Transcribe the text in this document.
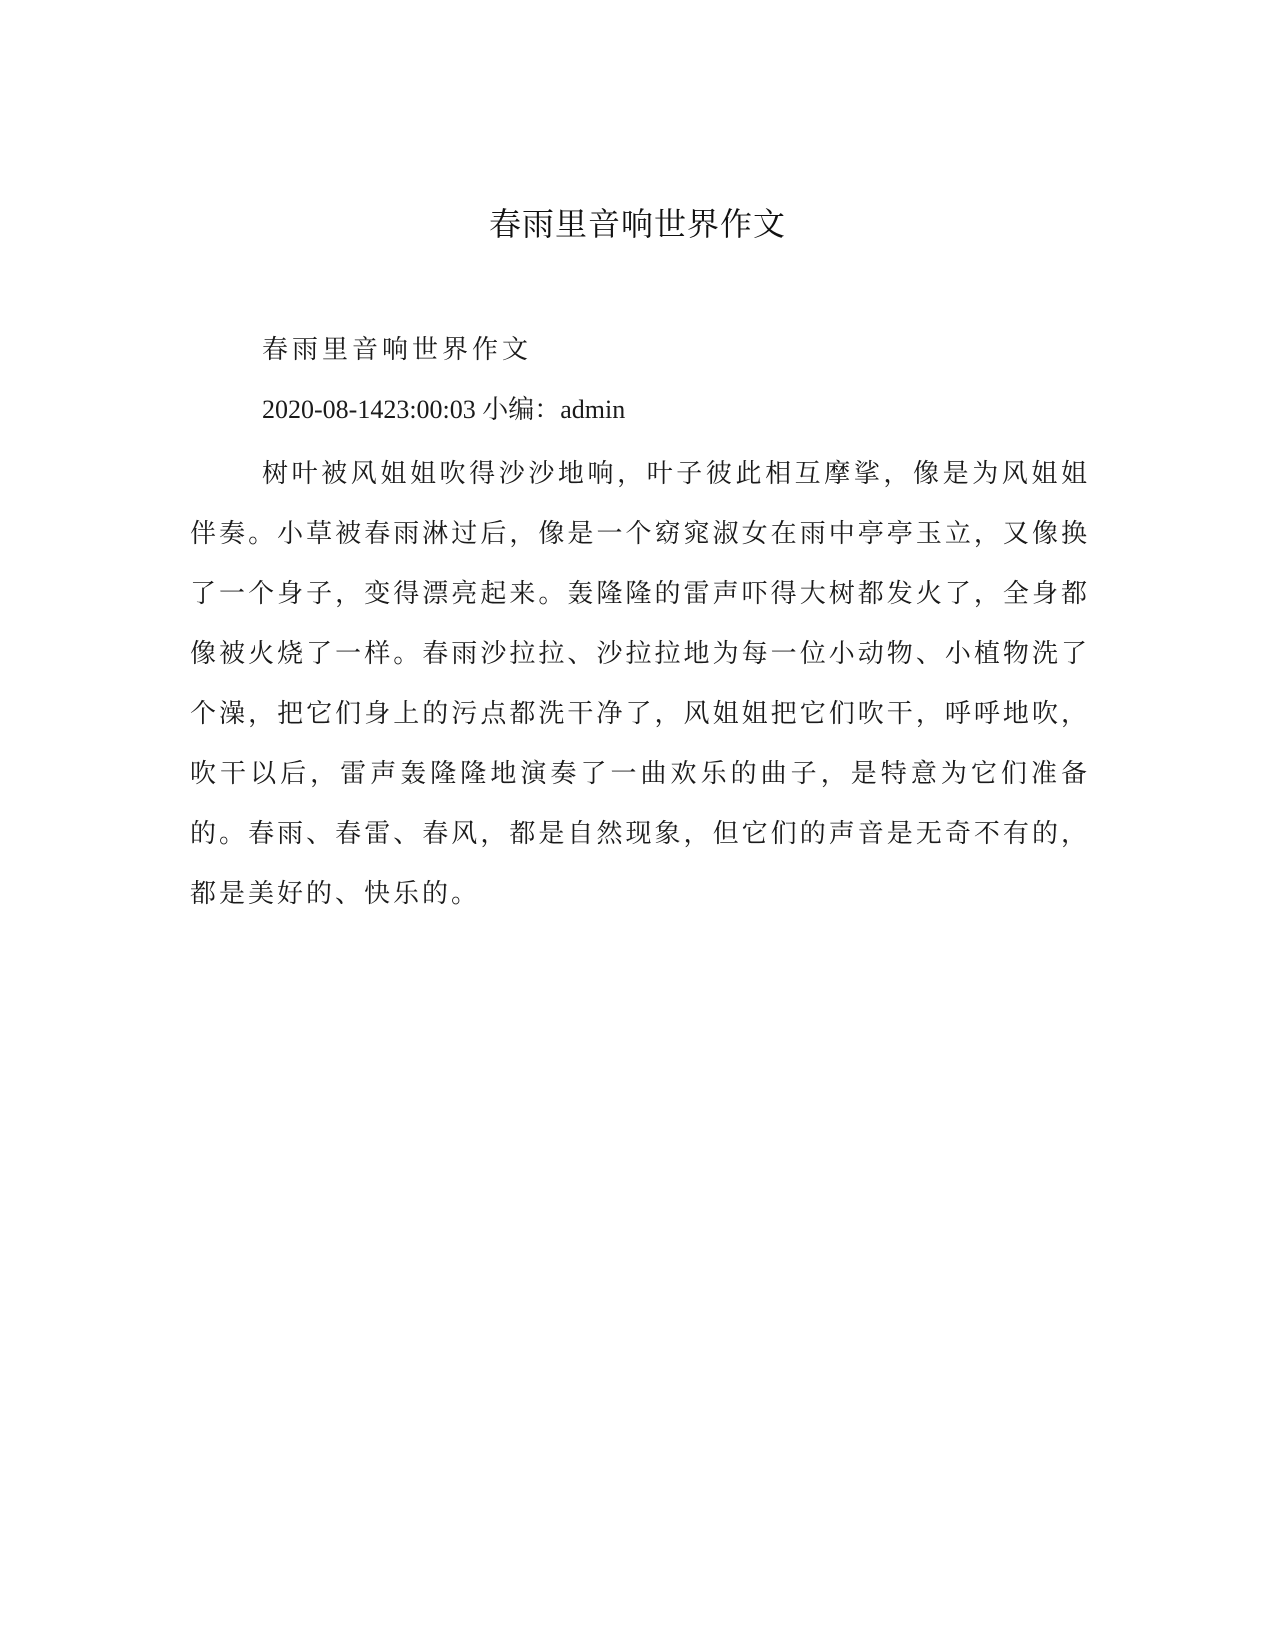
春雨里音响世界作文
春雨里音响世界作文
2020-08-1423:00:03 小编：admin

树叶被风姐姐吹得沙沙地响，叶子彼此相互摩挲，像是为风姐姐伴奏。小草被春雨淋过后，像是一个窈窕淑女在雨中亭亭玉立，又像换了一个身子，变得漂亮起来。轰隆隆的雷声吓得大树都发火了，全身都像被火烧了一样。春雨沙拉拉、沙拉拉地为每一位小动物、小植物洗了个澡，把它们身上的污点都洗干净了，风姐姐把它们吹干，呼呼地吹，吹干以后，雷声轰隆隆地演奏了一曲欢乐的曲子，是特意为它们准备的。春雨、春雷、春风，都是自然现象，但它们的声音是无奇不有的，都是美好的、快乐的。
